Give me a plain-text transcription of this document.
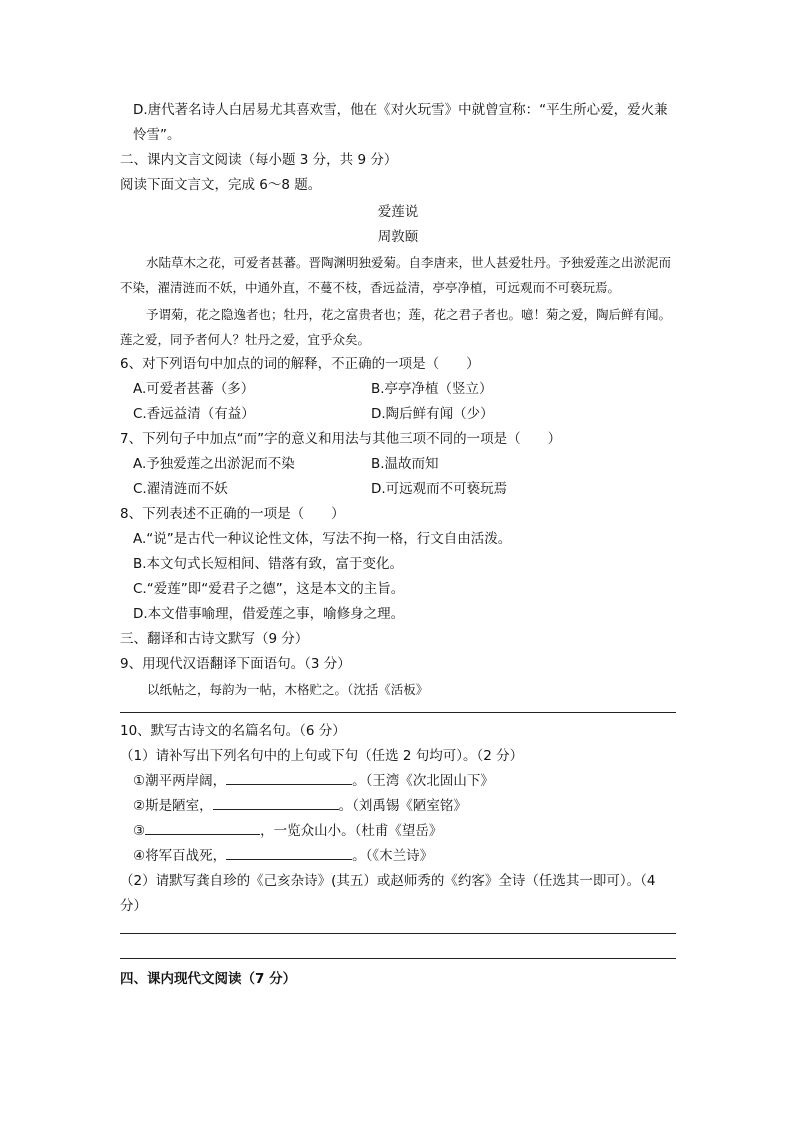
D.唐代著名诗人白居易尤其喜欢雪，他在《对火玩雪》中就曾宣称：“平生所心爱，爱火兼怜雪”。
二、课内文言文阅读（每小题 3 分，共 9 分）
阅读下面文言文，完成 6～8 题。
爱莲说
周敦颐
水陆草木之花，可爱者甚蕃。晋陶渊明独爱菊。自李唐来，世人甚爱牡丹。予独爱莲之出淤泥而不染，濯清涟而不妖，中通外直，不蔓不枝，香远益清，亭亭净植，可远观而不可亵玩焉。
予谓菊，花之隐逸者也；牡丹，花之富贵者也；莲，花之君子者也。噫！菊之爱，陶后鲜有闻。莲之爱，同予者何人？牡丹之爱，宜乎众矣。
6、对下列语句中加点的词的解释，不正确的一项是（　　）
A.可爱者甚蕃（多）	B.亭亭净植（竖立）
C.香远益清（有益）	D.陶后鲜有闻（少）
7、下列句子中加点“而”字的意义和用法与其他三项不同的一项是（　　）
A.予独爱莲之出淤泥而不染	B.温故而知
C.濯清涟而不妖	D.可远观而不可亵玩焉
8、下列表述不正确的一项是（　　）
A.“说”是古代一种议论性文体，写法不拘一格，行文自由活泼。
B.本文句式长短相间、错落有致，富于变化。
C.“爱莲”即“爱君子之德”，这是本文的主旨。
D.本文借事喻理，借爱莲之事，喻修身之理。
三、翻译和古诗文默写（9 分）
9、用现代汉语翻译下面语句。（3 分）
以纸帖之，每韵为一帖，木格贮之。（沈括《活板》
10、默写古诗文的名篇名句。（6 分）
（1）请补写出下列名句中的上句或下句（任选 2 句均可）。（2 分）
①潮平两岸阔，	。（王湾《次北固山下》
②斯是陋室，	。（刘禹锡《陋室铭》
③	，一览众山小。（杜甫《望岳》
④将军百战死，	。（《木兰诗》
（2）请默写龚自珍的《己亥杂诗》(其五）或赵师秀的《约客》全诗（任选其一即可）。（4 分）
四、课内现代文阅读（7 分）
